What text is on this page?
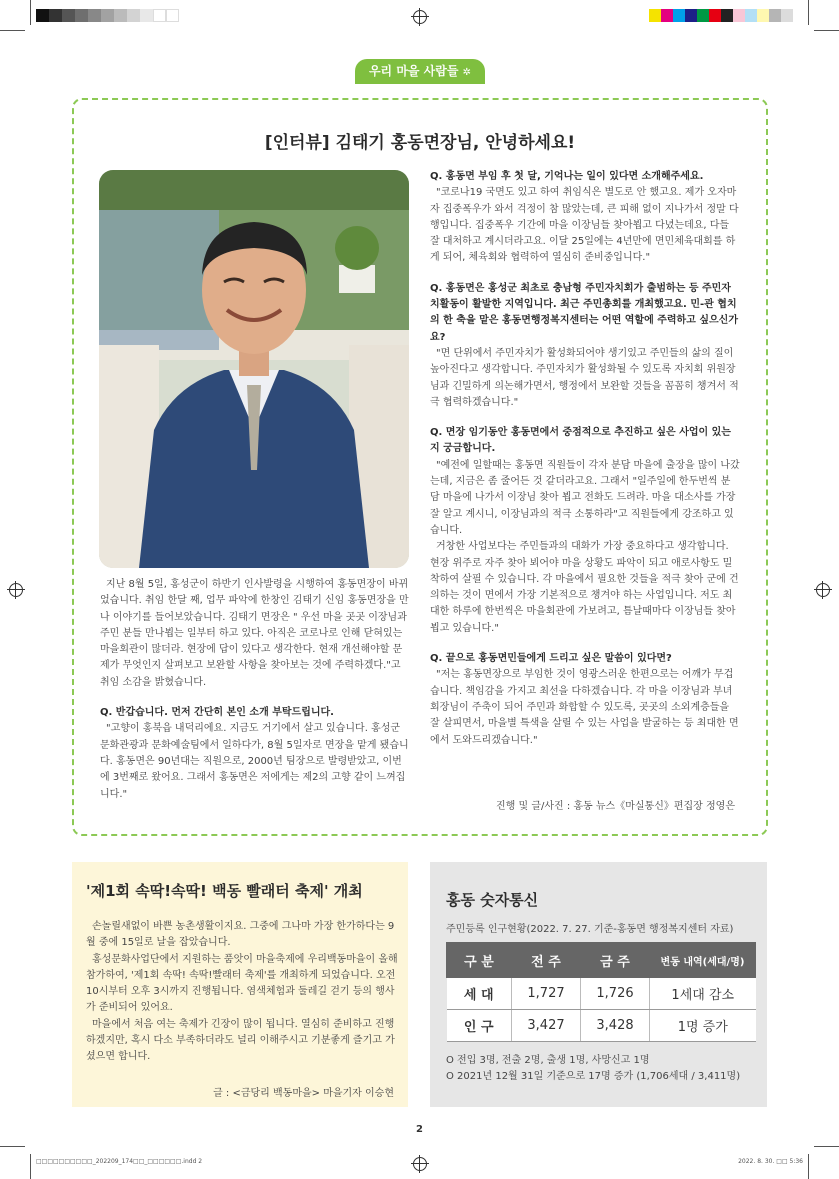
우리 마을 사람들 ✲
[인터뷰] 김태기 홍동면장님, 안녕하세요!

지난 8월 5일, 홍성군이 하반기 인사발령을 시행하여 홍동면장이 바뀌었습니다. 취임 한달 째, 업무 파악에 한창인 김태기 신임 홍동면장을 만나 이야기를 들어보았습니다. 김태기 면장은 " 우선 마을 곳곳 이장님과 주민 분들 만나뵙는 일부터 하고 있다. 아직은 코로나로 인해 닫혀있는 마을회관이 많더라. 현장에 답이 있다고 생각한다. 현재 개선해야할 문제가 무엇인지 살펴보고 보완할 사항을 찾아보는 것에 주력하겠다."고 취임 소감을 밝혔습니다.

Q. 반갑습니다. 먼저 간단히 본인 소개 부탁드립니다.

"고향이 홍북읍 내덕리에요. 지금도 거기에서 살고 있습니다. 홍성군 문화관광과 문화예술팀에서 일하다가, 8월 5일자로 면장을 맡게 됐습니다. 홍동면은 90년대는 직원으로, 2000년 팀장으로 발령받았고, 이번에 3번째로 왔어요. 그래서 홍동면은 저에게는 제2의 고향 같이 느껴집니다."

Q. 홍동면 부임 후 첫 달, 기억나는 일이 있다면 소개해주세요.

"코로나19 국면도 있고 하여 취임식은 별도로 안 했고요. 제가 오자마자 집중폭우가 와서 걱정이 참 많았는데, 큰 피해 없이 지나가서 정말 다행입니다. 집중폭우 기간에 마을 이장님들 찾아뵙고 다녔는데요, 다들 잘 대처하고 계시더라고요. 이달 25일에는 4년만에 면민체육대회를 하게 되어, 체육회와 협력하여 열심히 준비중입니다."

Q. 홍동면은 홍성군 최초로 충남형 주민자치회가 출범하는 등 주민자치활동이 활발한 지역입니다. 최근 주민총회를 개최했고요. 민-관 협치의 한 축을 맡은 홍동면행정복지센터는 어떤 역할에 주력하고 싶으신가요?

"면 단위에서 주민자치가 활성화되어야 생기있고 주민들의 삶의 질이 높아진다고 생각합니다. 주민자치가 활성화될 수 있도록 자치회 위원장님과 긴밀하게 의논해가면서, 행정에서 보완할 것들을 꼼꼼히 챙겨서 적극 협력하겠습니다."

Q. 면장 임기동안 홍동면에서 중점적으로 추진하고 싶은 사업이 있는지 궁금합니다.

"예전에 일할때는 홍동면 직원들이 각자 분담 마을에 출장을 많이 나갔는데, 지금은 좀 줄어든 것 같더라고요. 그래서 "일주일에 한두번씩 분담 마을에 나가서 이장님 찾아 뵙고 전화도 드려라. 마을 대소사를 가장 잘 알고 계시니, 이장님과의 적극 소통하라"고 직원들에게 강조하고 있습니다.

거창한 사업보다는 주민들과의 대화가 가장 중요하다고 생각합니다. 현장 위주로 자주 찾아 뵈어야 마을 상황도 파악이 되고 애로사항도 밀착하여 살필 수 있습니다. 각 마을에서 필요한 것들을 적극 찾아 군에 건의하는 것이 면에서 가장 기본적으로 챙겨야 하는 사업입니다. 저도 최대한 하루에 한번씩은 마을회관에 가보려고, 틈날때마다 이장님들 찾아뵙고 있습니다."

Q. 끝으로 홍동면민들에게 드리고 싶은 말씀이 있다면?

"저는 홍동면장으로 부임한 것이 영광스러운 한편으로는 어깨가 무겁습니다. 책임감을 가지고 최선을 다하겠습니다. 각 마을 이장님과 부녀회장님이 주축이 되어 주민과 화합할 수 있도록, 곳곳의 소외계층들을 잘 살피면서, 마을별 특색을 살릴 수 있는 사업을 발굴하는 등 최대한 면에서 도와드리겠습니다."

진행 및 글/사진 : 홍동 뉴스《마실통신》편집장 정영은
'제1회 속딱!속딱! 백동 빨래터 축제' 개최

손놀릴새없이 바쁜 농촌생활이지요. 그중에 그나마 가장 한가하다는 9월 중에 15일로 날을 잡았습니다.

홍성문화사업단에서 지원하는 품앗이 마을축제에 우리백동마을이 올해 참가하여, '제1회 속딱! 속딱!빨래터 축제'를 개최하게 되었습니다. 오전 10시부터 오후 3시까지 진행됩니다. 염색체험과 둘레길 걷기 등의 행사가 준비되어 있어요.

마을에서 처음 여는 축제가 긴장이 많이 됩니다. 열심히 준비하고 진행하겠지만, 혹시 다소 부족하더라도 널리 이해주시고 기분좋게 즐기고 가셨으면 합니다.

글 : <금당리 백동마을> 마을기자 이승현
홍동 숫자통신
주민등록 인구현황(2022. 7. 27. 기준-홍동면 행정복지센터 자료)
구 분	전 주	금 주	변동 내역(세대/명)
세 대	1,727	1,726	1세대 감소
인 구	3,427	3,428	1명 증가
O 전입 3명, 전출 2명, 출생 1명, 사망신고 1명
O 2021년 12월 31일 기준으로 17명 증가 (1,706세대 / 3,411명)
2
□□□□□□□□□□_202209_174□□_□□□□□□.indd 2	2022. 8. 30. □□ 5:36
